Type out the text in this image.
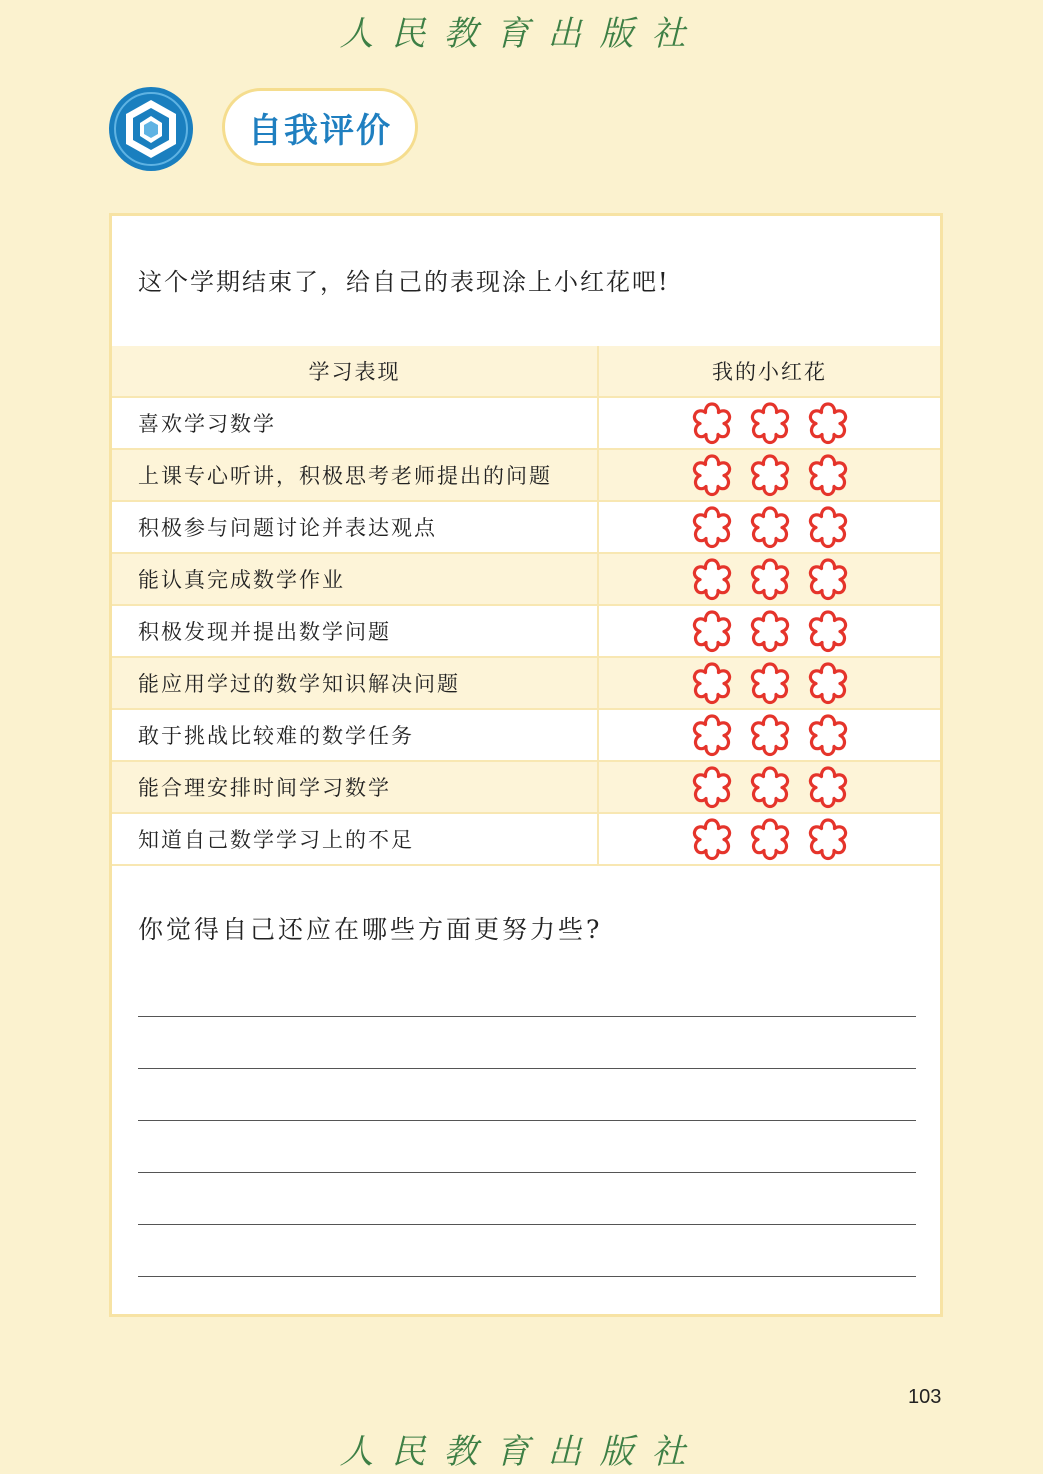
人民教育出版社
自我评价
这个学期结束了，给自己的表现涂上小红花吧!
学习表现	我的小红花
喜欢学习数学	

上课专心听讲，积极思考老师提出的问题	

积极参与问题讨论并表达观点	

能认真完成数学作业	

积极发现并提出数学问题	

能应用学过的数学知识解决问题	

敢于挑战比较难的数学任务	

能合理安排时间学习数学	

知道自己数学学习上的不足	
你觉得自己还应在哪些方面更努力些?
103
人民教育出版社
